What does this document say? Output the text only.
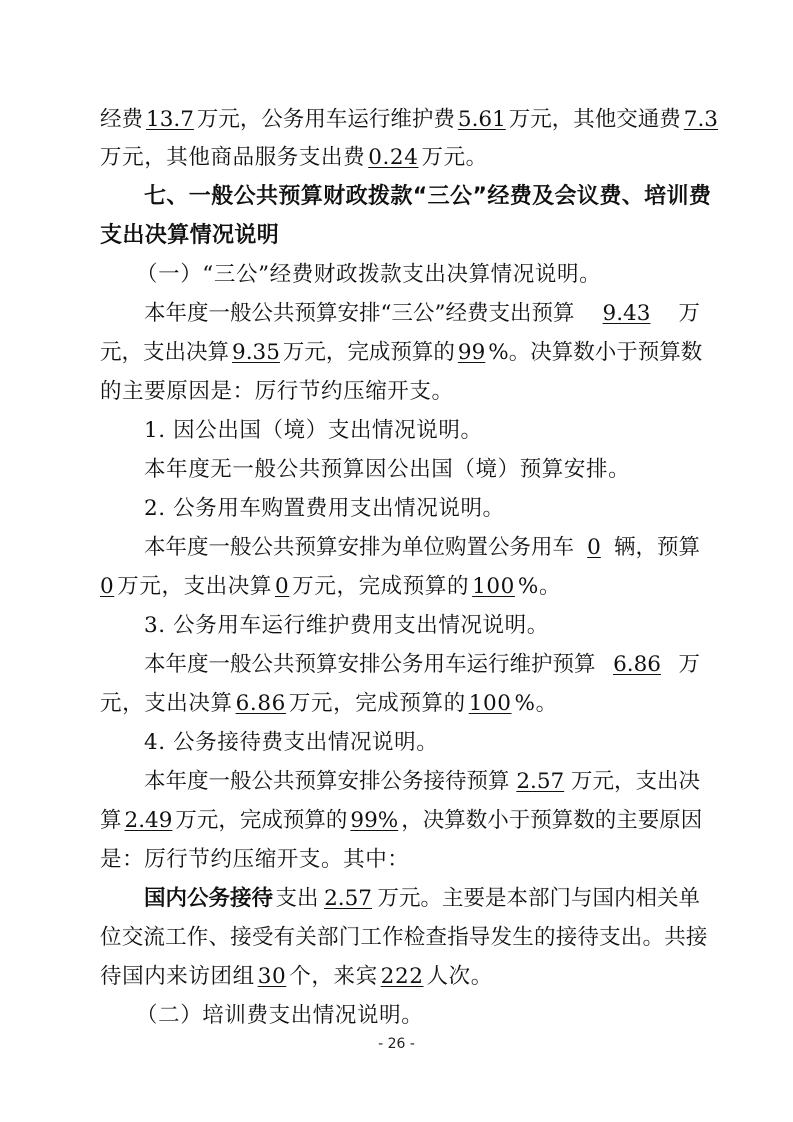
经费 13.7 万元，公务用车运行维护费 5.61 万元，其他交通费 7.3
万元，其他商品服务支出费 0.24 万元。
七、一般公共预算财政拨款“三公”经费及会议费、培训费
支出决算情况说明
（一）“三公”经费财政拨款支出决算情况说明。
本年度一般公共预算安排“三公”经费支出预算 9.43 万
元，支出决算 9.35 万元，完成预算的 99 %。决算数小于预算数
的主要原因是：厉行节约压缩开支。
1. 因公出国（境）支出情况说明。
本年度无一般公共预算因公出国（境）预算安排。
2. 公务用车购置费用支出情况说明。
本年度一般公共预算安排为单位购置公务用车 0 辆，预算
0 万元，支出决算 0 万元，完成预算的 100 %。
3. 公务用车运行维护费用支出情况说明。
本年度一般公共预算安排公务用车运行维护预算 6.86 万
元，支出决算 6.86 万元，完成预算的 100 %。
4. 公务接待费支出情况说明。
本年度一般公共预算安排公务接待预算 2.57 万元，支出决
算 2.49 万元，完成预算的 99% ，决算数小于预算数的主要原因
是：厉行节约压缩开支。其中：
国内公务接待 支出 2.57 万元。主要是本部门与国内相关单
位交流工作、接受有关部门工作检查指导发生的接待支出。共接
待国内来访团组 30 个，来宾 222 人次。
（二）培训费支出情况说明。
- 26 -
